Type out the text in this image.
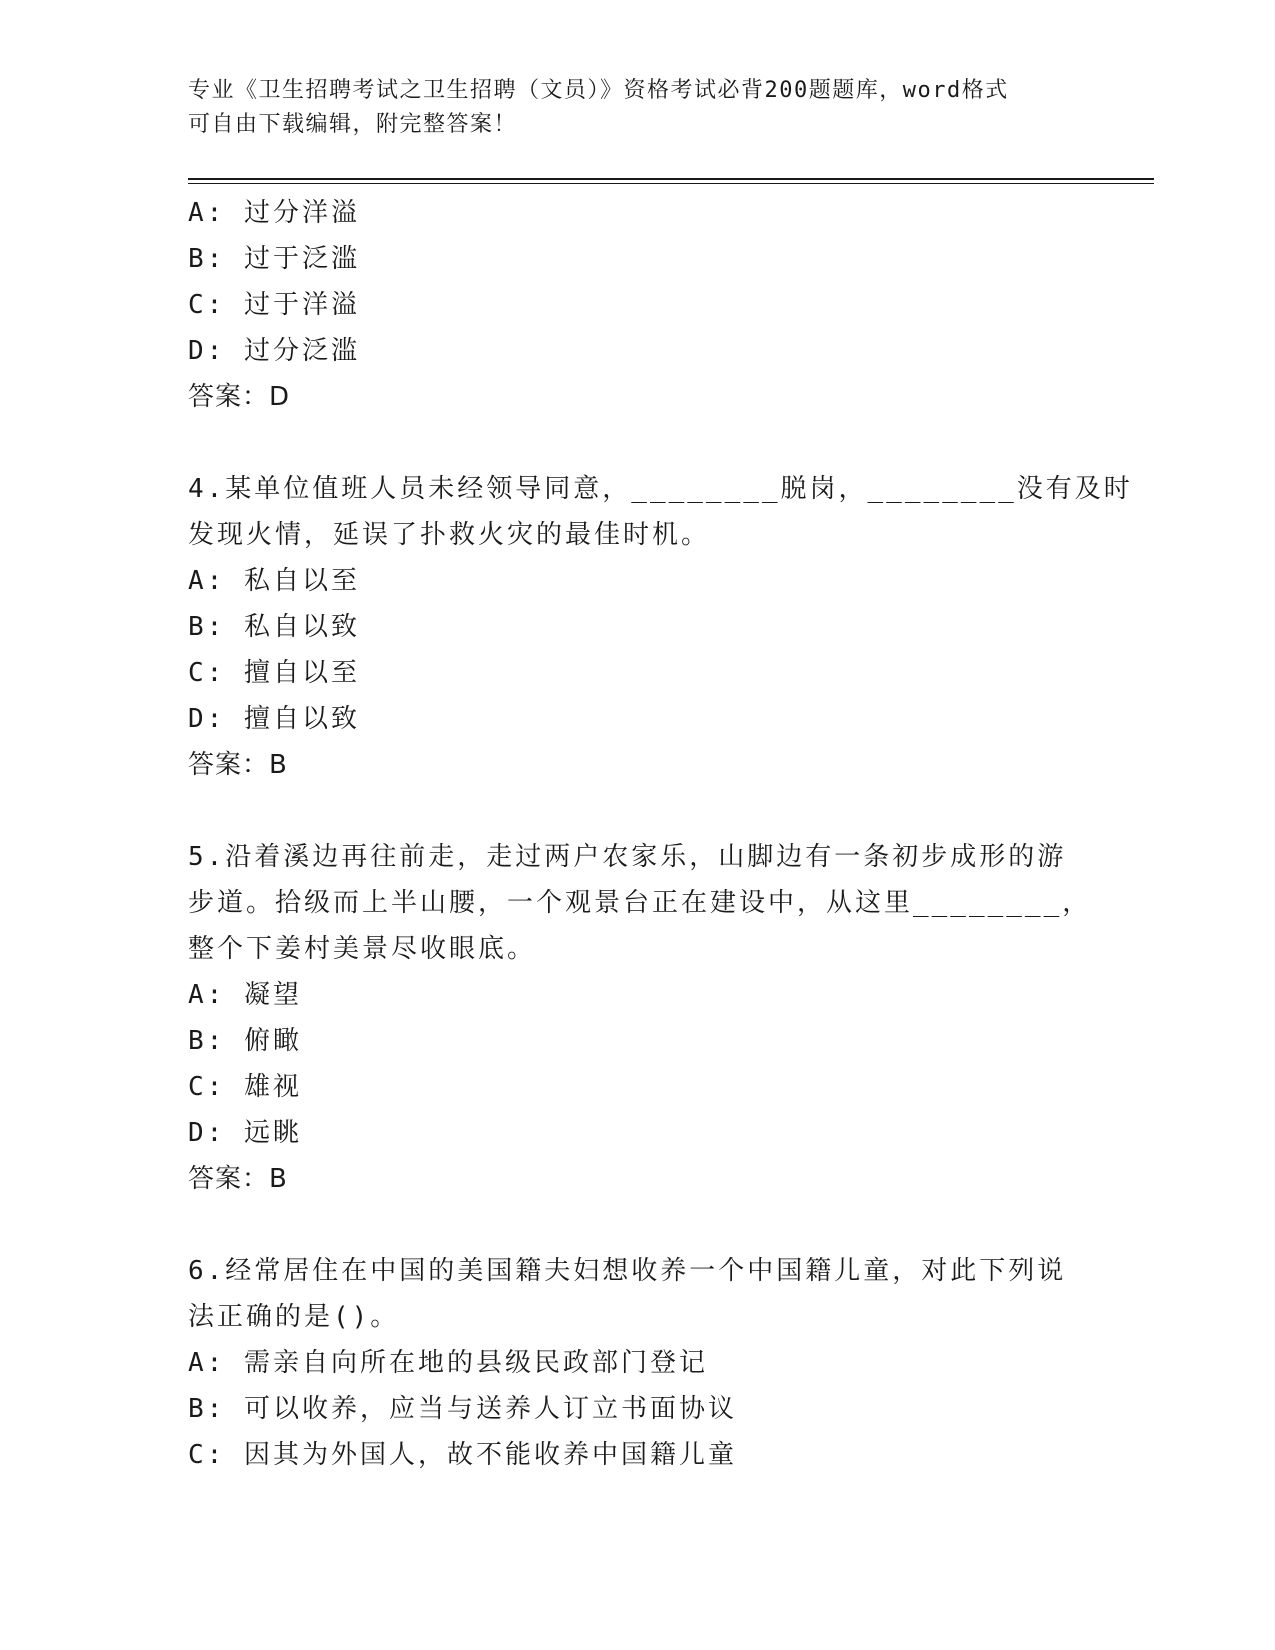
专业《卫生招聘考试之卫生招聘（文员）》资格考试必背200题题库，word格式
可自由下载编辑，附完整答案！
A: 过分洋溢
B: 过于泛滥
C: 过于洋溢
D: 过分泛滥
答案：D
4.某单位值班人员未经领导同意，________脱岗，________没有及时
发现火情，延误了扑救火灾的最佳时机。
A: 私自以至
B: 私自以致
C: 擅自以至
D: 擅自以致
答案：B
5.沿着溪边再往前走，走过两户农家乐，山脚边有一条初步成形的游
步道。拾级而上半山腰，一个观景台正在建设中，从这里________，
整个下姜村美景尽收眼底。
A: 凝望
B: 俯瞰
C: 雄视
D: 远眺
答案：B
6.经常居住在中国的美国籍夫妇想收养一个中国籍儿童，对此下列说
法正确的是()。
A: 需亲自向所在地的县级民政部门登记
B: 可以收养，应当与送养人订立书面协议
C: 因其为外国人，故不能收养中国籍儿童
